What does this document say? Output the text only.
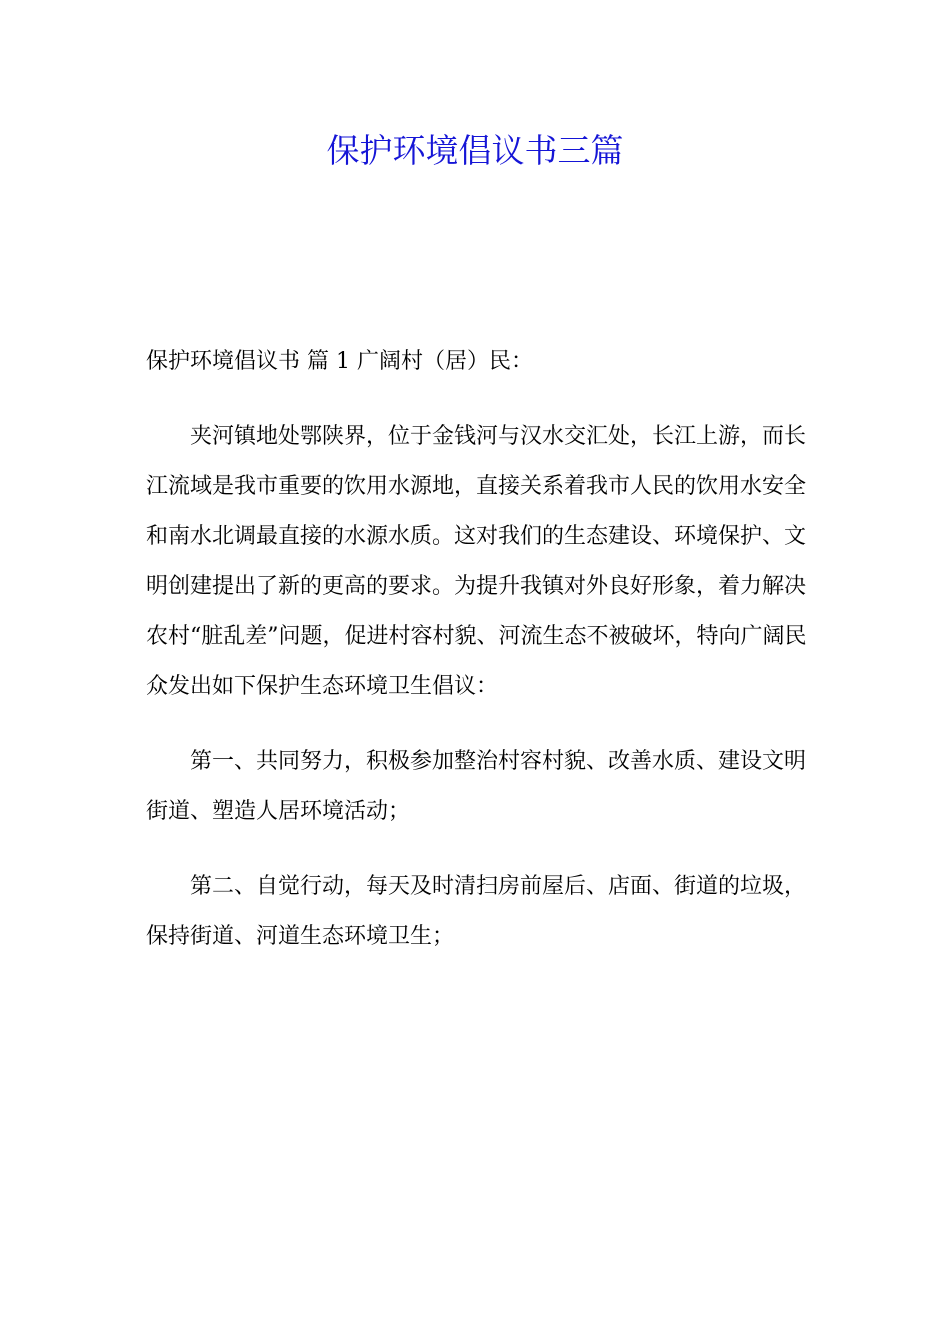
保护环境倡议书三篇

保护环境倡议书 篇 1 广阔村（居）民：

夹河镇地处鄂陕界，位于金钱河与汉水交汇处，长江上游，而长江流域是我市重要的饮用水源地，直接关系着我市人民的饮用水安全和南水北调最直接的水源水质。这对我们的生态建设、环境保护、文明创建提出了新的更高的要求。为提升我镇对外良好形象，着力解决农村“脏乱差”问题，促进村容村貌、河流生态不被破坏，特向广阔民众发出如下保护生态环境卫生倡议：

第一、共同努力，积极参加整治村容村貌、改善水质、建设文明街道、塑造人居环境活动；

第二、自觉行动，每天及时清扫房前屋后、店面、街道的垃圾，保持街道、河道生态环境卫生；
